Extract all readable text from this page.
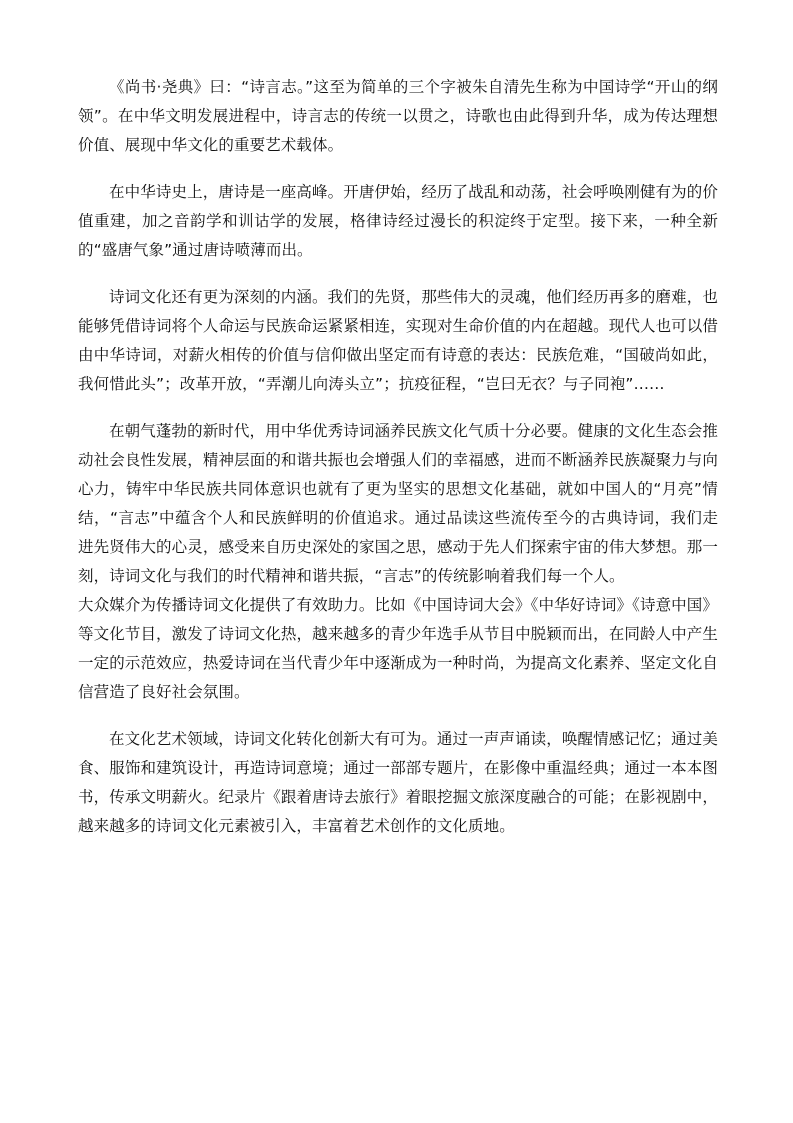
《尚书·尧典》曰：“诗言志。”这至为简单的三个字被朱自清先生称为中国诗学“开山的纲领”。在中华文明发展进程中，诗言志的传统一以贯之，诗歌也由此得到升华，成为传达理想价值、展现中华文化的重要艺术载体。

在中华诗史上，唐诗是一座高峰。开唐伊始，经历了战乱和动荡，社会呼唤刚健有为的价值重建，加之音韵学和训诂学的发展，格律诗经过漫长的积淀终于定型。接下来，一种全新的“盛唐气象”通过唐诗喷薄而出。

诗词文化还有更为深刻的内涵。我们的先贤，那些伟大的灵魂，他们经历再多的磨难，也能够凭借诗词将个人命运与民族命运紧紧相连，实现对生命价值的内在超越。现代人也可以借由中华诗词，对薪火相传的价值与信仰做出坚定而有诗意的表达：民族危难，“国破尚如此，我何惜此头”；改革开放，“弄潮儿向涛头立”；抗疫征程，“岂曰无衣？与子同袍”……

在朝气蓬勃的新时代，用中华优秀诗词涵养民族文化气质十分必要。健康的文化生态会推动社会良性发展，精神层面的和谐共振也会增强人们的幸福感，进而不断涵养民族凝聚力与向心力，铸牢中华民族共同体意识也就有了更为坚实的思想文化基础，就如中国人的“月亮”情结，“言志”中蕴含个人和民族鲜明的价值追求。通过品读这些流传至今的古典诗词，我们走进先贤伟大的心灵，感受来自历史深处的家国之思，感动于先人们探索宇宙的伟大梦想。那一刻，诗词文化与我们的时代精神和谐共振，“言志”的传统影响着我们每一个人。

大众媒介为传播诗词文化提供了有效助力。比如《中国诗词大会》《中华好诗词》《诗意中国》等文化节目，激发了诗词文化热，越来越多的青少年选手从节目中脱颖而出，在同龄人中产生一定的示范效应，热爱诗词在当代青少年中逐渐成为一种时尚，为提高文化素养、坚定文化自信营造了良好社会氛围。

在文化艺术领域，诗词文化转化创新大有可为。通过一声声诵读，唤醒情感记忆；通过美食、服饰和建筑设计，再造诗词意境；通过一部部专题片，在影像中重温经典；通过一本本图书，传承文明薪火。纪录片《跟着唐诗去旅行》着眼挖掘文旅深度融合的可能；在影视剧中，越来越多的诗词文化元素被引入，丰富着艺术创作的文化质地。
